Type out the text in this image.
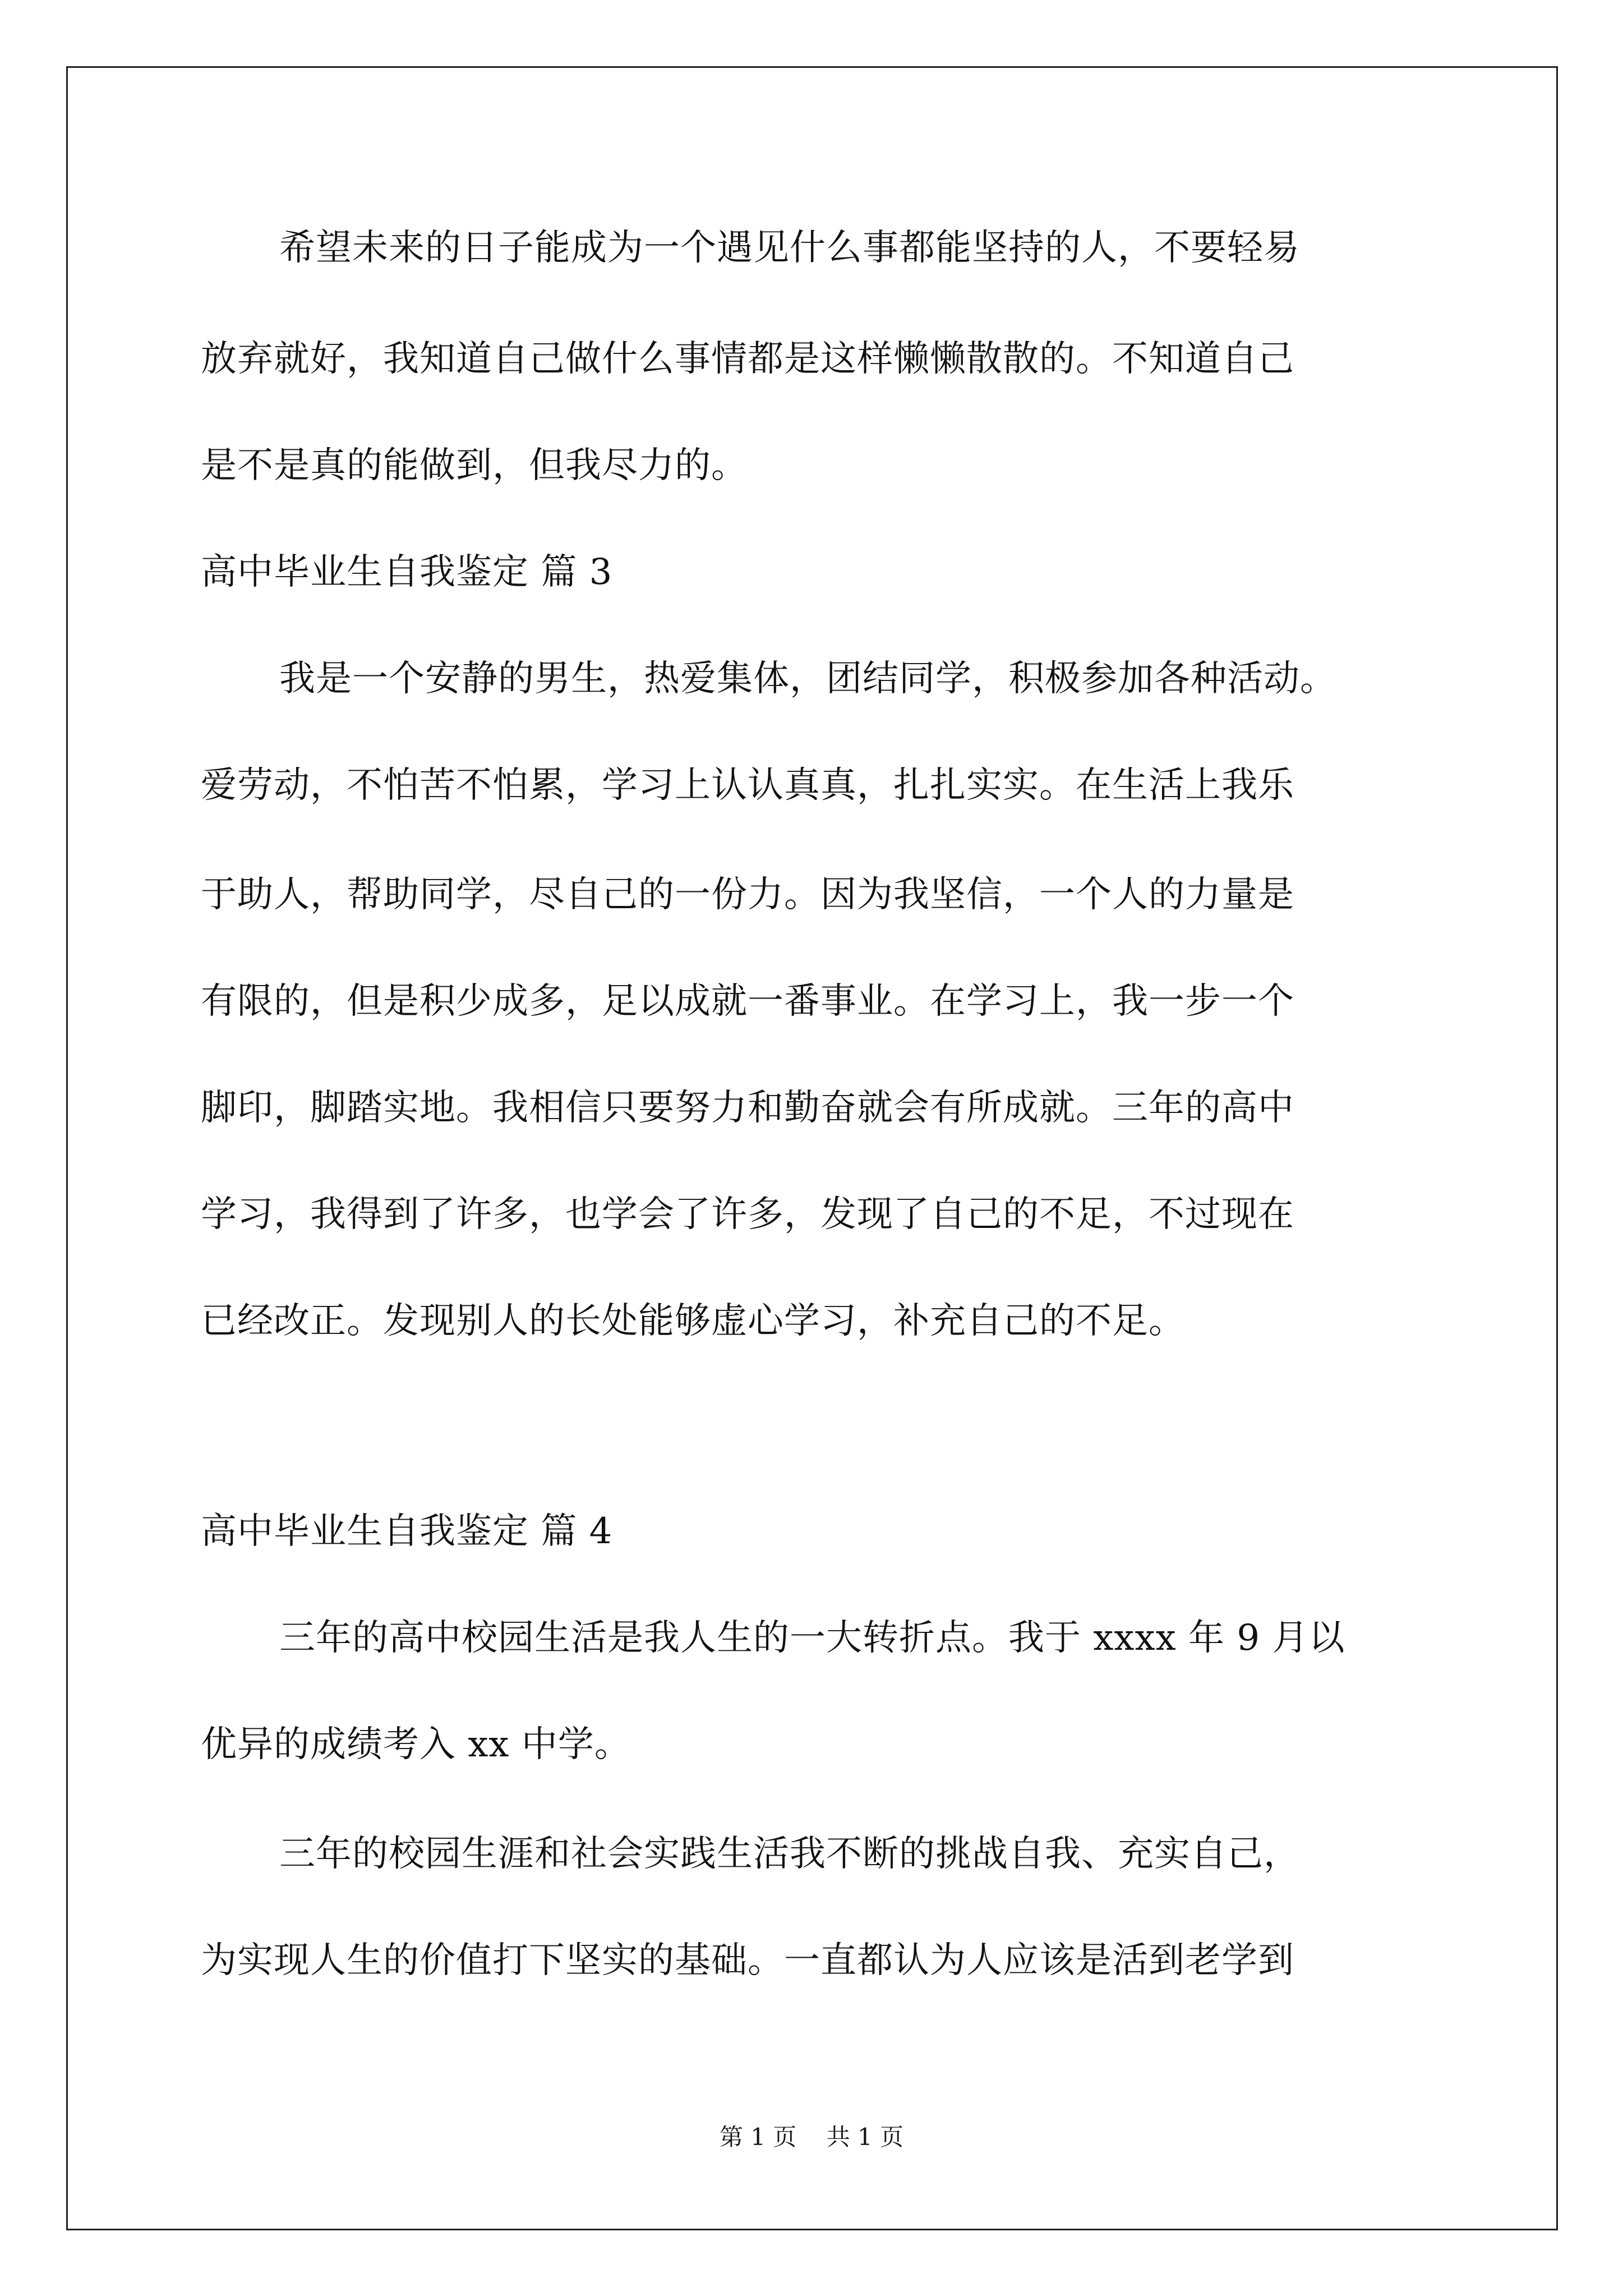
希望未来的日子能成为一个遇见什么事都能坚持的人，不要轻易
放弃就好，我知道自己做什么事情都是这样懒懒散散的。不知道自己
是不是真的能做到，但我尽力的。
高中毕业生自我鉴定 篇 3
我是一个安静的男生，热爱集体，团结同学，积极参加各种活动。
爱劳动，不怕苦不怕累，学习上认认真真，扎扎实实。在生活上我乐
于助人，帮助同学，尽自己的一份力。因为我坚信，一个人的力量是
有限的，但是积少成多，足以成就一番事业。在学习上，我一步一个
脚印，脚踏实地。我相信只要努力和勤奋就会有所成就。三年的高中
学习，我得到了许多，也学会了许多，发现了自己的不足，不过现在
已经改正。发现别人的长处能够虚心学习，补充自己的不足。
高中毕业生自我鉴定 篇 4
三年的高中校园生活是我人生的一大转折点。我于 xxxx 年 9 月以
优异的成绩考入 xx 中学。
三年的校园生涯和社会实践生活我不断的挑战自我、充实自己，
为实现人生的价值打下坚实的基础。一直都认为人应该是活到老学到
第 1 页    共 1 页
